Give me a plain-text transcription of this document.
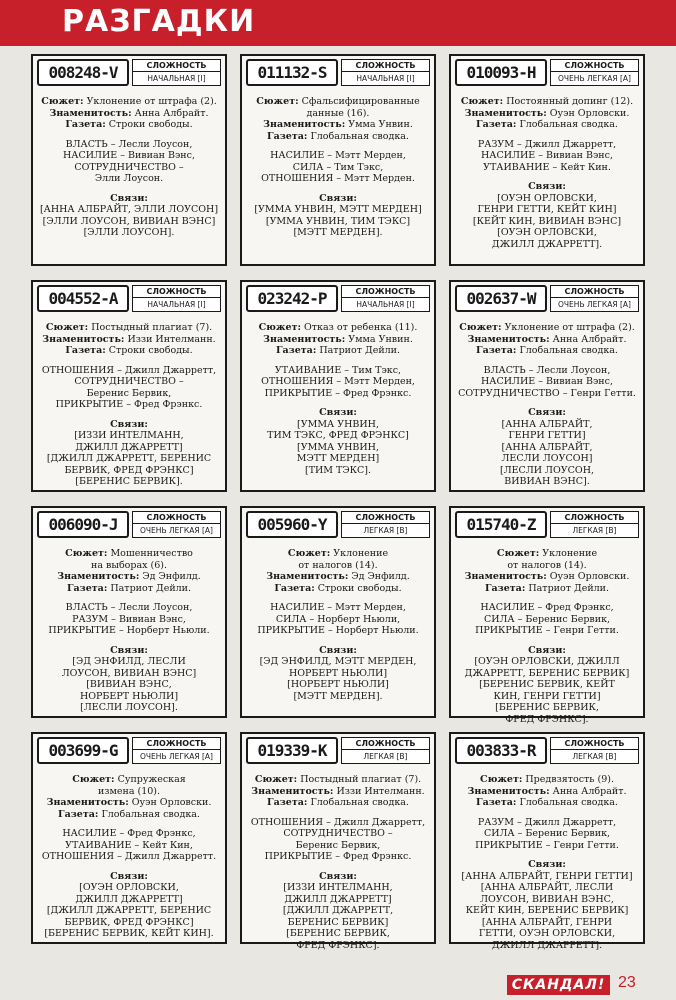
РАЗГАДКИ
008248-V	СЛОЖНОСТЬ
НАЧАЛЬНАЯ [I]
Сюжет: Уклонение от штрафа (2).
Знаменитость: Анна Албрайт.
Газета: Строки свободы.
ВЛАСТЬ – Лесли Лоусон,
НАСИЛИЕ – Вивиан Вэнс,
СОТРУДНИЧЕСТВО –
Элли Лоусон.
Связи:
[АННА АЛБРАЙТ, ЭЛЛИ ЛОУСОН]
[ЭЛЛИ ЛОУСОН, ВИВИАН ВЭНС]
[ЭЛЛИ ЛОУСОН].
011132-S	СЛОЖНОСТЬ
НАЧАЛЬНАЯ [I]
Сюжет: Сфальсифицированные
данные (16).
Знаменитость: Умма Унвин.
Газета: Глобальная сводка.
НАСИЛИЕ – Мэтт Мерден,
СИЛА – Тим Тэкс,
ОТНОШЕНИЯ – Мэтт Мерден.
Связи:
[УММА УНВИН, МЭТТ МЕРДЕН]
[УММА УНВИН, ТИМ ТЭКС]
[МЭТТ МЕРДЕН].
010093-H	СЛОЖНОСТЬ
ОЧЕНЬ ЛЕГКАЯ [A]
Сюжет: Постоянный допинг (12).
Знаменитость: Оуэн Орловски.
Газета: Глобальная сводка.
РАЗУМ – Джилл Джарретт,
НАСИЛИЕ – Вивиан Вэнс,
УТАИВАНИЕ – Кейт Кин.
Связи:
[ОУЭН ОРЛОВСКИ,
ГЕНРИ ГЕТТИ, КЕЙТ КИН]
[КЕЙТ КИН, ВИВИАН ВЭНС]
[ОУЭН ОРЛОВСКИ,
ДЖИЛЛ ДЖАРРЕТТ].
004552-A	СЛОЖНОСТЬ
НАЧАЛЬНАЯ [I]
Сюжет: Постыдный плагиат (7).
Знаменитость: Иззи Интелманн.
Газета: Строки свободы.
ОТНОШЕНИЯ – Джилл Джарретт,
СОТРУДНИЧЕСТВО –
Беренис Бервик,
ПРИКРЫТИЕ – Фред Фрэнкс.
Связи:
[ИЗЗИ ИНТЕЛМАНН,
ДЖИЛЛ ДЖАРРЕТТ]
[ДЖИЛЛ ДЖАРРЕТТ, БЕРЕНИС
БЕРВИК, ФРЕД ФРЭНКС]
[БЕРЕНИС БЕРВИК].
023242-P	СЛОЖНОСТЬ
НАЧАЛЬНАЯ [I]
Сюжет: Отказ от ребенка (11).
Знаменитость: Умма Унвин.
Газета: Патриот Дейли.
УТАИВАНИЕ – Тим Тэкс,
ОТНОШЕНИЯ – Мэтт Мерден,
ПРИКРЫТИЕ – Фред Фрэнкс.
Связи:
[УММА УНВИН,
ТИМ ТЭКС, ФРЕД ФРЭНКС]
[УММА УНВИН,
МЭТТ МЕРДЕН]
[ТИМ ТЭКС].
002637-W	СЛОЖНОСТЬ
ОЧЕНЬ ЛЕГКАЯ [A]
Сюжет: Уклонение от штрафа (2).
Знаменитость: Анна Албрайт.
Газета: Глобальная сводка.
ВЛАСТЬ – Лесли Лоусон,
НАСИЛИЕ – Вивиан Вэнс,
СОТРУДНИЧЕСТВО – Генри Гетти.
Связи:
[АННА АЛБРАЙТ,
ГЕНРИ ГЕТТИ]
[АННА АЛБРАЙТ,
ЛЕСЛИ ЛОУСОН]
[ЛЕСЛИ ЛОУСОН,
ВИВИАН ВЭНС].
006090-J	СЛОЖНОСТЬ
ОЧЕНЬ ЛЕГКАЯ [A]
Сюжет: Мошенничество
на выборах (6).
Знаменитость: Эд Энфилд.
Газета: Патриот Дейли.
ВЛАСТЬ – Лесли Лоусон,
РАЗУМ – Вивиан Вэнс,
ПРИКРЫТИЕ – Норберт Ньюли.
Связи:
[ЭД ЭНФИЛД, ЛЕСЛИ
ЛОУСОН, ВИВИАН ВЭНС]
[ВИВИАН ВЭНС,
НОРБЕРТ НЬЮЛИ]
[ЛЕСЛИ ЛОУСОН].
005960-Y	СЛОЖНОСТЬ
ЛЕГКАЯ [B]
Сюжет: Уклонение
от налогов (14).
Знаменитость: Эд Энфилд.
Газета: Строки свободы.
НАСИЛИЕ – Мэтт Мерден,
СИЛА – Норберт Ньюли,
ПРИКРЫТИЕ – Норберт Ньюли.
Связи:
[ЭД ЭНФИЛД, МЭТТ МЕРДЕН,
НОРБЕРТ НЬЮЛИ]
[НОРБЕРТ НЬЮЛИ]
[МЭТТ МЕРДЕН].
015740-Z	СЛОЖНОСТЬ
ЛЕГКАЯ [B]
Сюжет: Уклонение
от налогов (14).
Знаменитость: Оуэн Орловски.
Газета: Патриот Дейли.
НАСИЛИЕ – Фред Фрэнкс,
СИЛА – Беренис Бервик,
ПРИКРЫТИЕ – Генри Гетти.
Связи:
[ОУЭН ОРЛОВСКИ, ДЖИЛЛ
ДЖАРРЕТТ, БЕРЕНИС БЕРВИК]
[БЕРЕНИС БЕРВИК, КЕЙТ
КИН, ГЕНРИ ГЕТТИ]
[БЕРЕНИС БЕРВИК,
ФРЕД ФРЭНКС].
003699-G	СЛОЖНОСТЬ
ОЧЕНЬ ЛЕГКАЯ [A]
Сюжет: Супружеская
измена (10).
Знаменитость: Оуэн Орловски.
Газета: Глобальная сводка.
НАСИЛИЕ – Фред Фрэнкс,
УТАИВАНИЕ – Кейт Кин,
ОТНОШЕНИЯ – Джилл Джарретт.
Связи:
[ОУЭН ОРЛОВСКИ,
ДЖИЛЛ ДЖАРРЕТТ]
[ДЖИЛЛ ДЖАРРЕТТ, БЕРЕНИС
БЕРВИК, ФРЕД ФРЭНКС]
[БЕРЕНИС БЕРВИК, КЕЙТ КИН].
019339-K	СЛОЖНОСТЬ
ЛЕГКАЯ [B]
Сюжет: Постыдный плагиат (7).
Знаменитость: Иззи Интелманн.
Газета: Глобальная сводка.
ОТНОШЕНИЯ – Джилл Джарретт,
СОТРУДНИЧЕСТВО –
Беренис Бервик,
ПРИКРЫТИЕ – Фред Фрэнкс.
Связи:
[ИЗЗИ ИНТЕЛМАНН,
ДЖИЛЛ ДЖАРРЕТТ]
[ДЖИЛЛ ДЖАРРЕТТ,
БЕРЕНИС БЕРВИК]
[БЕРЕНИС БЕРВИК,
ФРЕД ФРЭНКС].
003833-R	СЛОЖНОСТЬ
ЛЕГКАЯ [B]
Сюжет: Предвзятость (9).
Знаменитость: Анна Албрайт.
Газета: Глобальная сводка.
РАЗУМ – Джилл Джарретт,
СИЛА – Беренис Бервик,
ПРИКРЫТИЕ – Генри Гетти.
Связи:
[АННА АЛБРАЙТ, ГЕНРИ ГЕТТИ]
[АННА АЛБРАЙТ, ЛЕСЛИ
ЛОУСОН, ВИВИАН ВЭНС,
КЕЙТ КИН, БЕРЕНИС БЕРВИК]
[АННА АЛБРАЙТ, ГЕНРИ
ГЕТТИ, ОУЭН ОРЛОВСКИ,
ДЖИЛЛ ДЖАРРЕТТ].
СКАНДАЛ! 23
